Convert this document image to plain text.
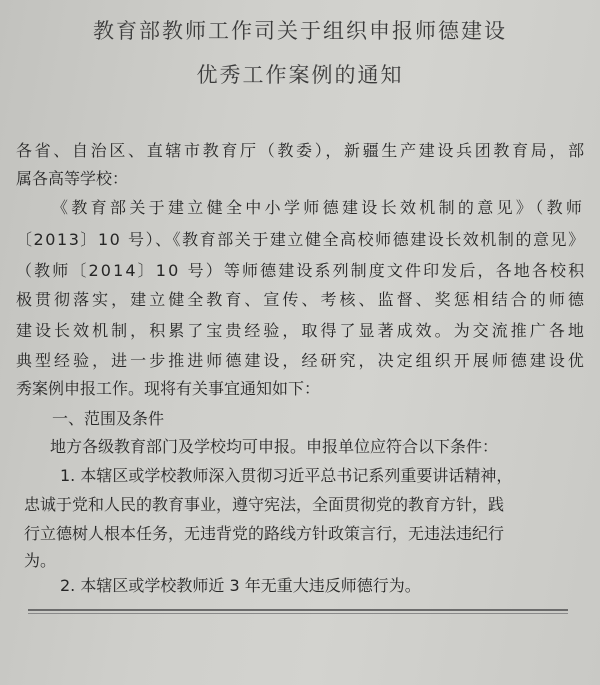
教育部教师工作司关于组织申报师德建设
优秀工作案例的通知
各省、自治区、直辖市教育厅（教委），新疆生产建设兵团教育局，部
属各高等学校：
《教育部关于建立健全中小学师德建设长效机制的意见》（教师
〔2013〕10 号）、《教育部关于建立健全高校师德建设长效机制的意见》
（教师〔2014〕10 号）等师德建设系列制度文件印发后，各地各校积
极贯彻落实，建立健全教育、宣传、考核、监督、奖惩相结合的师德
建设长效机制，积累了宝贵经验，取得了显著成效。为交流推广各地
典型经验，进一步推进师德建设，经研究，决定组织开展师德建设优
秀案例申报工作。现将有关事宜通知如下：
一、范围及条件
地方各级教育部门及学校均可申报。申报单位应符合以下条件：
1. 本辖区或学校教师深入贯彻习近平总书记系列重要讲话精神，
忠诚于党和人民的教育事业，遵守宪法，全面贯彻党的教育方针，践
行立德树人根本任务，无违背党的路线方针政策言行，无违法违纪行
为。
2. 本辖区或学校教师近 3 年无重大违反师德行为。
